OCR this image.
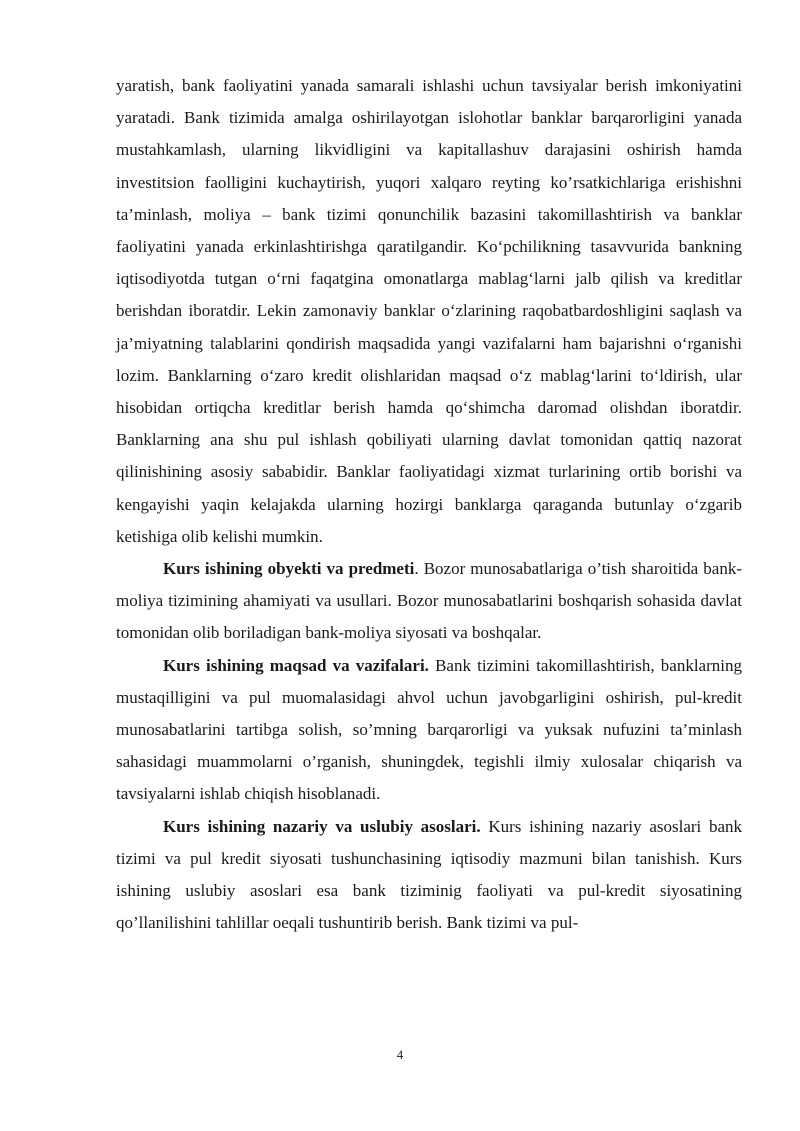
yaratish, bank faoliyatini yanada samarali ishlashi uchun tavsiyalar berish imkoniyatini yaratadi. Bank tizimida amalga oshirilayotgan islohotlar banklar barqarorligini yanada mustahkamlash, ularning likvidligini va kapitallashuv darajasini oshirish hamda investitsion faolligini kuchaytirish, yuqori xalqaro reyting ko’rsatkichlariga erishishni ta’minlash, moliya – bank tizimi qonunchilik bazasini takomillashtirish va banklar faoliyatini yanada erkinlashtirishga qaratilgandir. Koʻpchilikning tasavvurida bankning iqtisodiyotda tutgan oʻrni faqatgina omonatlarga mablagʻlarni jalb qilish va kreditlar berishdan iboratdir. Lekin zamonaviy banklar oʻzlarining raqobatbardoshligini saqlash va ja’miyatning talablarini qondirish maqsadida yangi vazifalarni ham bajarishni oʻrganishi lozim. Banklarning oʻzaro kredit olishlaridan maqsad oʻz mablagʻlarini toʻldirish, ular hisobidan ortiqcha kreditlar berish hamda qoʻshimcha daromad olishdan iboratdir. Banklarning ana shu pul ishlash qobiliyati ularning davlat tomonidan qattiq nazorat qilinishining asosiy sababidir. Banklar faoliyatidagi xizmat turlarining ortib borishi va kengayishi yaqin kelajakda ularning hozirgi banklarga qaraganda butunlay oʻzgarib ketishiga olib kelishi mumkin.

Kurs ishining obyekti va predmeti. Bozor munosabatlariga o’tish sharoitida bank-moliya tizimining ahamiyati va usullari. Bozor munosabatlarini boshqarish sohasida davlat tomonidan olib boriladigan bank-moliya siyosati va boshqalar.

Kurs ishining maqsad va vazifalari. Bank tizimini takomillashtirish, banklarning mustaqilligini va pul muomalasidagi ahvol uchun javobgarligini oshirish, pul-kredit munosabatlarini tartibga solish, so’mning barqarorligi va yuksak nufuzini ta’minlash sahasidagi muammolarni o’rganish, shuningdek, tegishli ilmiy xulosalar chiqarish va tavsiyalarni ishlab chiqish hisoblanadi.

Kurs ishining nazariy va uslubiy asoslari. Kurs ishining nazariy asoslari bank tizimi va pul kredit siyosati tushunchasining iqtisodiy mazmuni bilan tanishish. Kurs ishining uslubiy asoslari esa bank tiziminig faoliyati va pul-kredit siyosatining qo’llanilishini tahlillar oeqali tushuntirib berish. Bank tizimi va pul-

4
